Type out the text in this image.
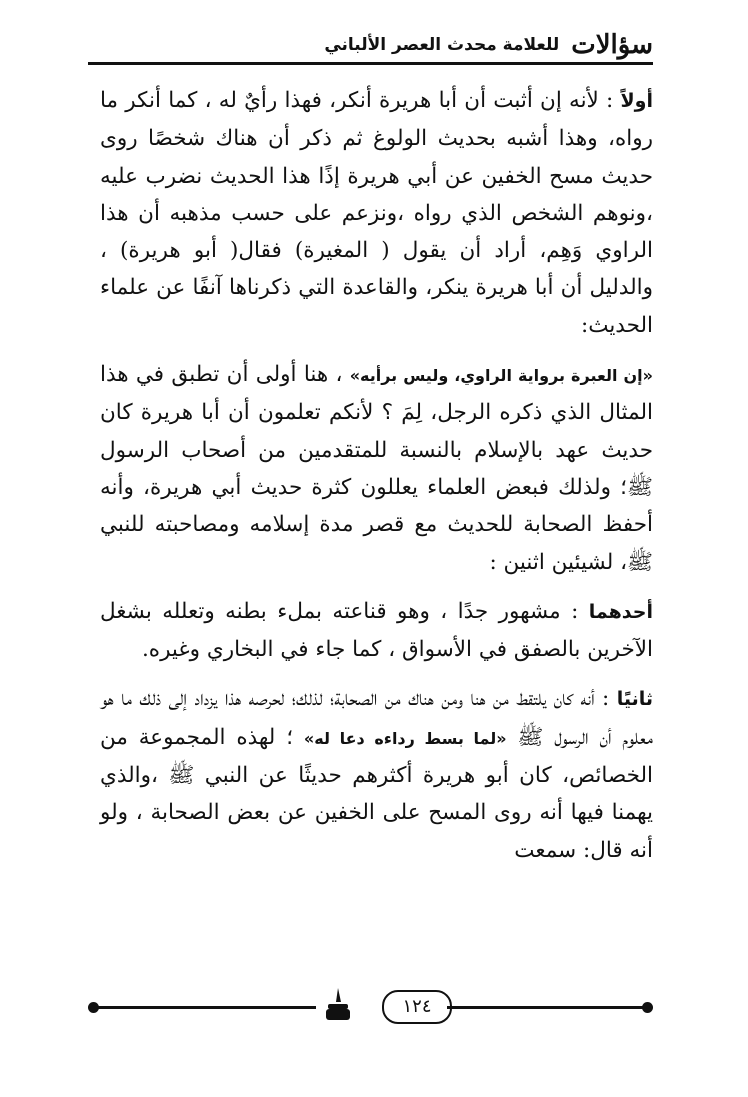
سؤالات للعلامة محدث العصر الألباني

أولاً : لأنه إن أثبت أن أبا هريرة أنكر، فهذا رأيٌ له ، كما أنكر ما رواه، وهذا أشبه بحديث الولوغ ثم ذكر أن هناك شخصًا روى حديث مسح الخفين عن أبي هريرة إذًا هذا الحديث نضرب عليه ،ونوهم الشخص الذي رواه ،ونزعم على حسب مذهبه أن هذا الراوي وَهِم، أراد أن يقول ( المغيرة) فقال( أبو هريرة) ، والدليل أن أبا هريرة ينكر، والقاعدة التي ذكرناها آنفًا عن علماء الحديث:

«إن العبرة برواية الراوي، وليس برأيه» ، هنا أولى أن تطبق في هذا المثال الذي ذكره الرجل، لِمَ ؟ لأنكم تعلمون أن أبا هريرة كان حديث عهد بالإسلام بالنسبة للمتقدمين من أصحاب الرسول ﷺ؛ ولذلك فبعض العلماء يعللون كثرة حديث أبي هريرة، وأنه أحفظ الصحابة للحديث مع قصر مدة إسلامه ومصاحبته للنبي ﷺ، لشيئين اثنين :

أحدهما : مشهور جدًا ، وهو قناعته بملء بطنه وتعلله بشغل الآخرين بالصفق في الأسواق ، كما جاء في البخاري وغيره.

ثانيًا : أنه كان يلتقط من هنا ومن هناك من الصحابة؛ لذلك؛ لحرصه هذا يزداد إلى ذلك ما هو معلوم أن الرسول ﷺ «لما بسط رداءه دعا له» ؛ لهذه المجموعة من الخصائص، كان أبو هريرة أكثرهم حديثًا عن النبي ﷺ ،والذي يهمنا فيها أنه روى المسح على الخفين عن بعض الصحابة ، ولو أنه قال: سمعت

١٢٤
